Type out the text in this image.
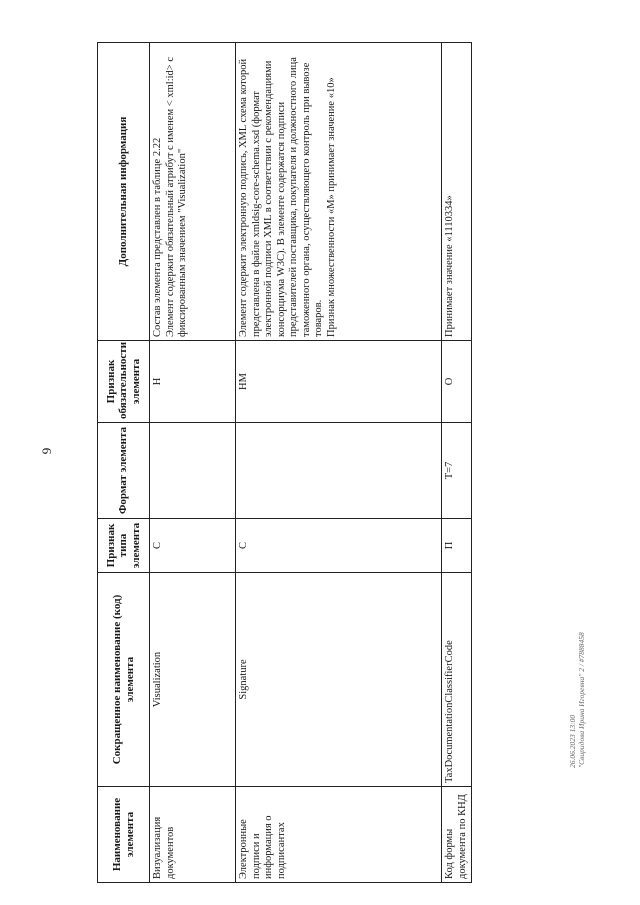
9
Наименование элемента	Сокращенное наименование (код) элемента	Признак типа элемента	Формат элемента	Признак обязательности элемента	Дополнительная информация
Визуализация документов	Visualization	С		Н	Состав элемента представлен в таблице 2.22
Элемент содержит обязательный атрибут с именем < xml:id> с фиксированным значением "Visualization"
Электронные подписи и информация о подписантах	Signature	С		НМ	Элемент содержит электронную подпись, XML схема которой представлена в файле xmldsig-core-schema.xsd (формат электронной подписи XML в соответствии с рекомендациями консорциума W3C). В элементе содержатся подписи представителей поставщика, покупателя и должностного лица таможенного органа, осуществляющего контроль при вывозе товаров.
Признак множественности «М» принимает значение «10»
Код формы документа по КНД	TaxDocumentationClassifierCode	П	T=7	О	Принимает значение «1110334»
26.06.2023 13:00 "Свиридова Ирина Игоревна" 2 / #7888458
